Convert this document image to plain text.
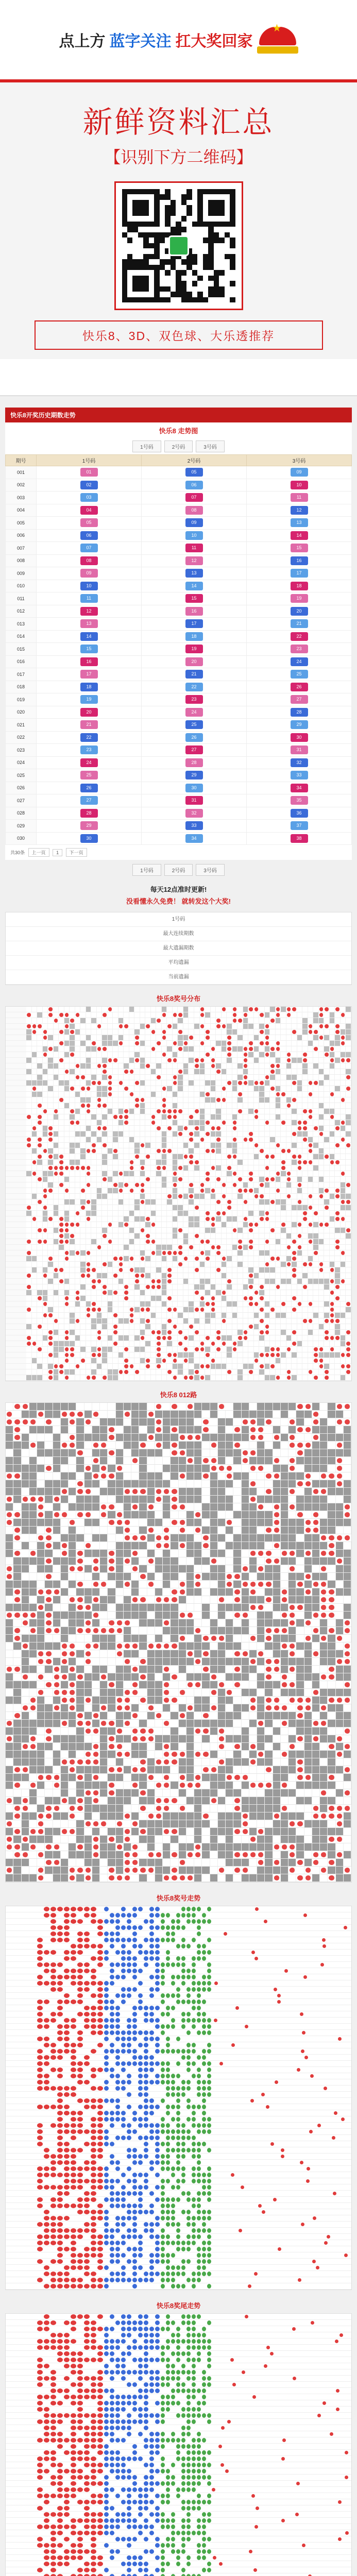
点上方 蓝字关注 扛大奖回家
★
新鲜资料汇总
【识别下方二维码】
快乐8、3D、双色球、大乐透推荐
快乐8开奖历史期数走势
快乐8 走势图
1号码	2号码	3号码
期号	1号码	2号码	3号码
001	01	05	09
002	02	06	10
003	03	07	11
004	04	08	12
005	05	09	13
006	06	10	14
007	07	11	15
008	08	12	16
009	09	13	17
010	10	14	18
011	11	15	19
012	12	16	20
013	13	17	21
014	14	18	22
015	15	19	23
016	16	20	24
017	17	21	25
018	18	22	26
019	19	23	27
020	20	24	28
021	21	25	29
022	22	26	30
023	23	27	31
024	24	28	32
025	25	29	33
026	26	30	34
027	27	31	35
028	28	32	36
029	29	33	37
030	30	34	38
共30条 上一页 1 下一页
1号码	2号码	3号码
每天12点准时更新!
没看懂永久免费！ 就转发这个大奖!
1号码
最大连续期数
最大遗漏期数
平均遗漏
当前遗漏
快乐8奖号分布
快乐8 012路
快乐8奖号走势
快乐8奖尾走势
